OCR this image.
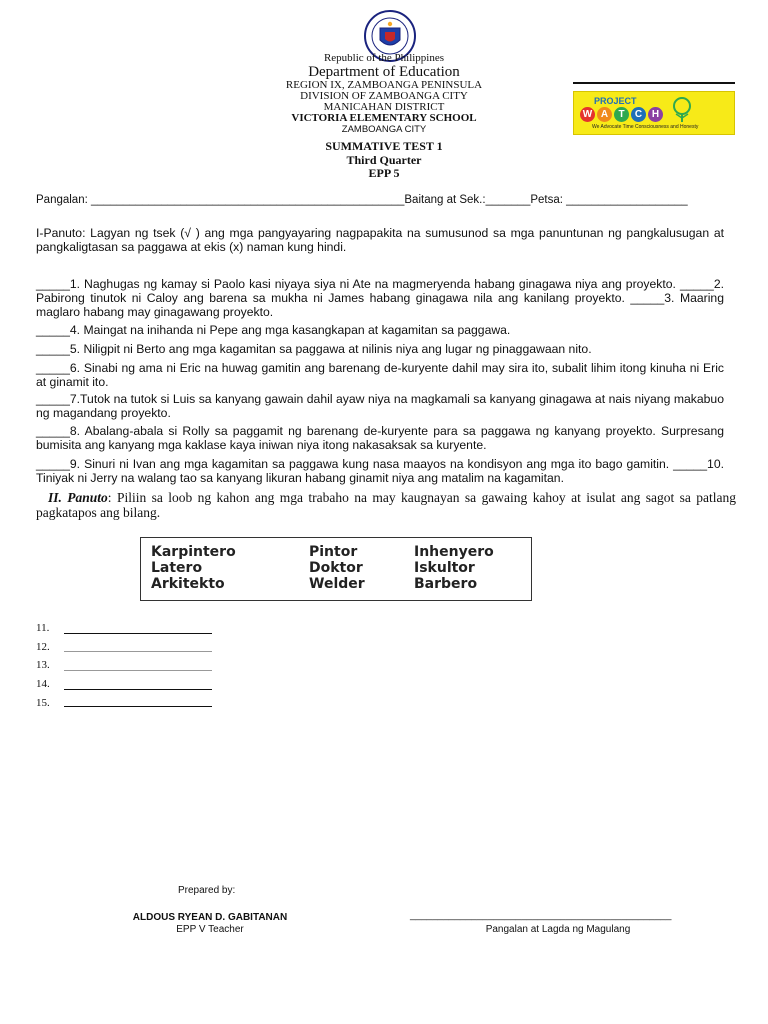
Republic of the Philippines
Department of Education
REGION IX, ZAMBOANGA PENINSULA
DIVISION OF ZAMBOANGA CITY
MANICAHAN DISTRICT
VICTORIA ELEMENTARY SCHOOL
ZAMBOANGA CITY
SUMMATIVE TEST 1
Third Quarter
EPP 5
PROJECT
W A	T	C H
We Advocate Time Consciousness and Honesty
Pangalan: _________________________________________________Baitang at Sek.:_______Petsa: ___________________
I-Panuto: Lagyan ng tsek (√ ) ang mga pangyayaring nagpapakita na sumusunod sa mga panuntunan ng pangkalusugan at pangkaligtasan sa paggawa at ekis (x) naman kung hindi.
_____1. Naghugas ng kamay si Paolo kasi niyaya siya ni Ate na magmeryenda habang ginagawa niya ang proyekto. _____2. Pabirong tinutok ni Caloy ang barena sa mukha ni James habang ginagawa nila ang kanilang proyekto. _____3. Maaring maglaro habang may ginagawang proyekto.
_____4. Maingat na inihanda ni Pepe ang mga kasangkapan at kagamitan sa paggawa.
_____5. Niligpit ni Berto ang mga kagamitan sa paggawa at nilinis niya ang lugar ng pinaggawaan nito.
_____6. Sinabi ng ama ni Eric na huwag gamitin ang barenang de-kuryente dahil may sira ito, subalit lihim itong kinuha ni Eric at ginamit ito.
_____7.Tutok na tutok si Luis sa kanyang gawain dahil ayaw niya na magkamali sa kanyang ginagawa at nais niyang makabuo ng magandang proyekto.
_____8. Abalang-abala si Rolly sa paggamit ng barenang de-kuryente para sa paggawa ng kanyang proyekto. Surpresang bumisita ang kanyang mga kaklase kaya iniwan niya itong nakasaksak sa kuryente.
_____9. Sinuri ni Ivan ang mga kagamitan sa paggawa kung nasa maayos na kondisyon ang mga ito bago gamitin. _____10. Tiniyak ni Jerry na walang tao sa kanyang likuran habang ginamit niya ang matalim na kagamitan.
II. Panuto: Piliin sa loob ng kahon ang mga trabaho na may kaugnayan sa gawaing kahoy at isulat ang sagot sa patlang pagkatapos ang bilang.
Karpintero	Pintor	Inhenyero
Latero	Doktor	Iskultor
Arkitekto	Welder	Barbero
11.
12.
13.
14.
15.
Prepared by:
ALDOUS RYEAN D. GABITANAN
EPP V Teacher
_______________________________________________
Pangalan at Lagda ng Magulang
